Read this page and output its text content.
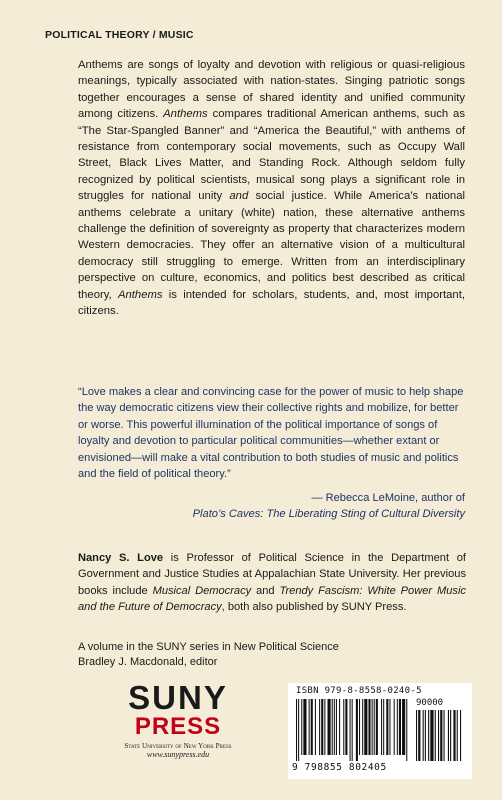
POLITICAL THEORY / MUSIC
Anthems are songs of loyalty and devotion with religious or quasi-religious meanings, typically associated with nation-states. Singing patriotic songs together encourages a sense of shared identity and unified community among citizens. Anthems compares traditional American anthems, such as “The Star-Spangled Banner” and “America the Beautiful,” with anthems of resistance from contemporary social movements, such as Occupy Wall Street, Black Lives Matter, and Standing Rock. Although seldom fully recognized by political scientists, musical song plays a significant role in struggles for national unity and social justice. While America’s national anthems celebrate a unitary (white) nation, these alternative anthems challenge the definition of sovereignty as property that characterizes modern Western democracies. They offer an alternative vision of a multicultural democracy still struggling to emerge. Written from an interdisciplinary perspective on culture, economics, and politics best described as critical theory, Anthems is intended for scholars, students, and, most important, citizens.
“Love makes a clear and convincing case for the power of music to help shape the way democratic citizens view their collective rights and mobilize, for better or worse. This powerful illumination of the political importance of songs of loyalty and devotion to particular political communities—whether extant or envisioned—will make a vital contribution to both studies of music and politics and the field of political theory.”
— Rebecca LeMoine, author of
Plato’s Caves: The Liberating Sting of Cultural Diversity
Nancy S. Love is Professor of Political Science in the Department of Government and Justice Studies at Appalachian State University. Her previous books include Musical Democracy and Trendy Fascism: White Power Music and the Future of Democracy, both also published by SUNY Press.
A volume in the SUNY series in New Political Science
Bradley J. Macdonald, editor
SUNY
PRESS
State University of New York Press
www.sunypress.edu
ISBN 979-8-8558-0240-5
90000
9 798855 802405
